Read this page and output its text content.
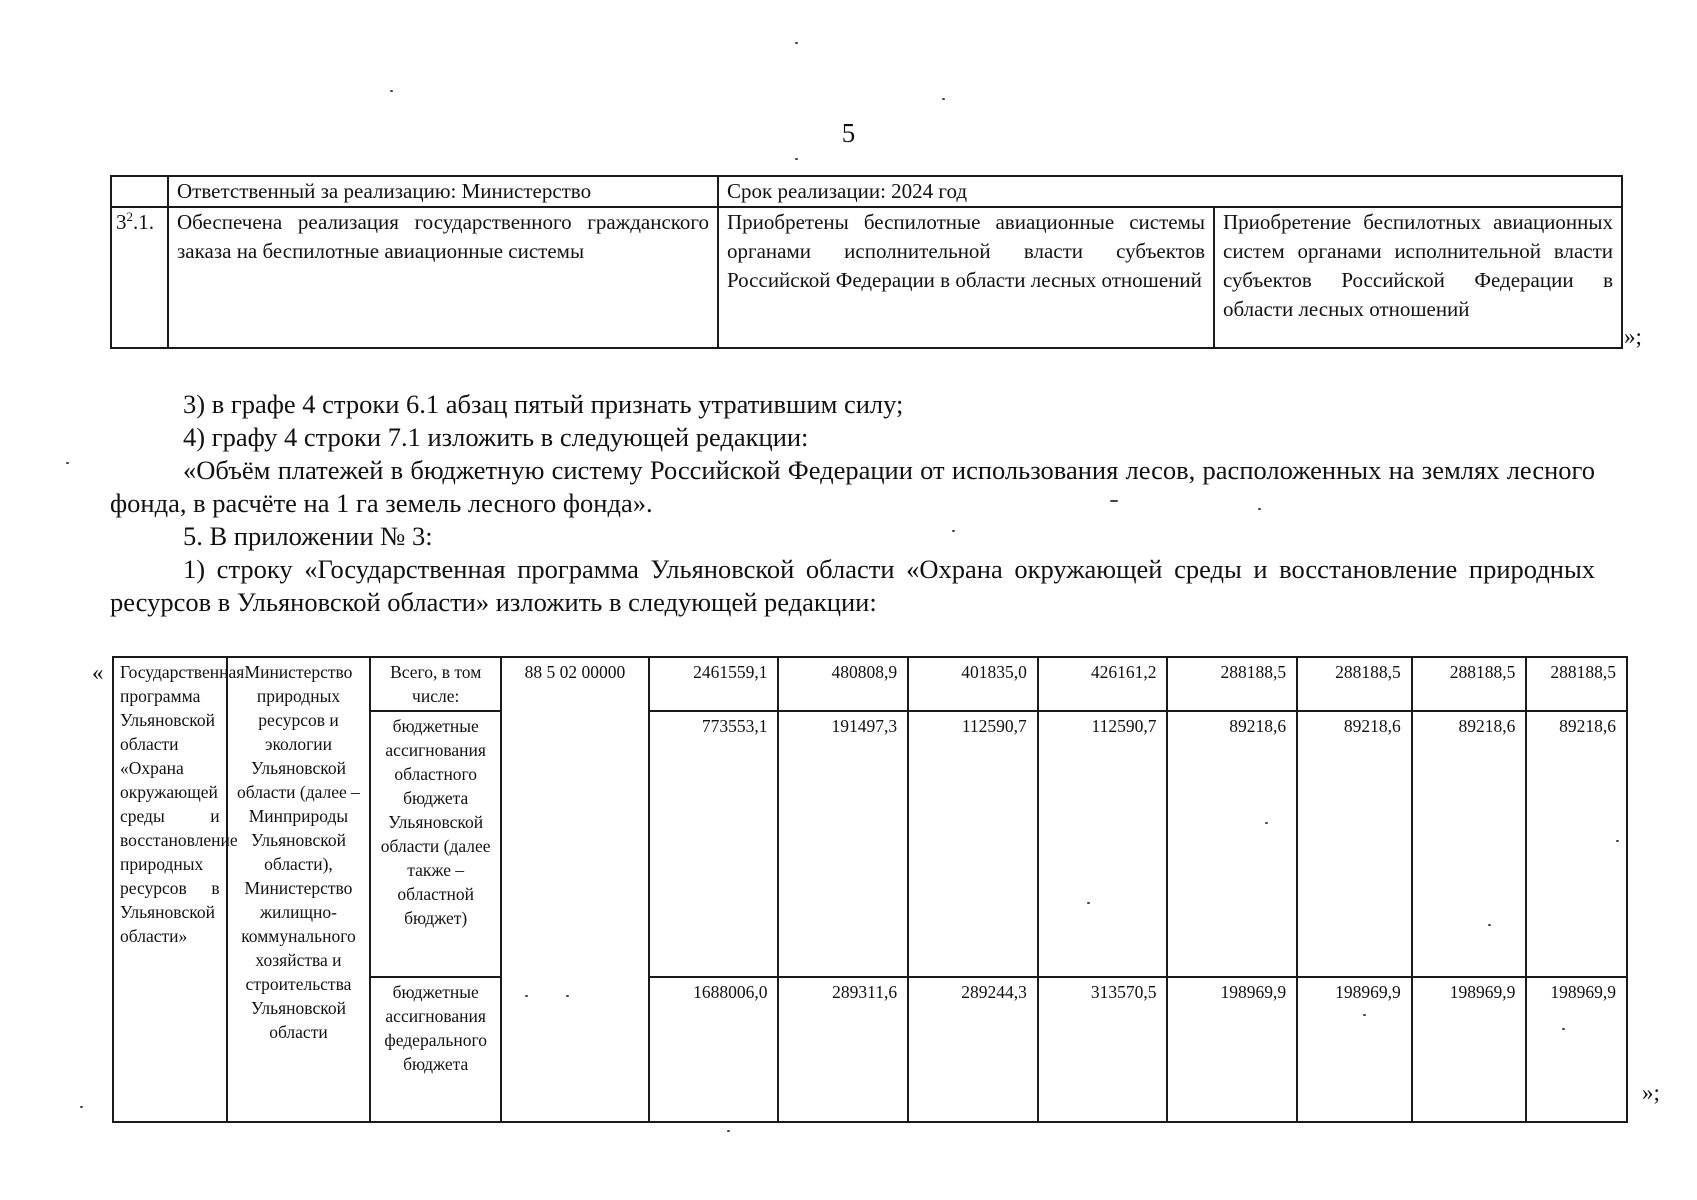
5
	Ответственный за реализацию: Министерство	Срок реализации: 2024 год	
$3^2.1$.	Обеспечена реализация государственного гражданского заказа на беспилотные авиационные системы	Приобретены беспилотные авиационные системы органами исполнительной власти субъектов Российской Федерации в области лесных отношений	Приобретение беспилотных авиационных систем органами исполнительной власти субъектов Российской Федерации в области лесных отношений
»;

3) в графе 4 строки 6.1 абзац пятый признать утратившим силу;

4) графу 4 строки 7.1 изложить в следующей редакции:

«Объём платежей в бюджетную систему Российской Федерации от использования лесов, расположенных на землях лесного фонда, в расчёте на 1 га земель лесного фонда».

5. В приложении № 3:

1) строку «Государственная программа Ульяновской области «Охрана окружающей среды и восстановление природных ресурсов в Ульяновской области» изложить в следующей редакции:

« Государственная программа Ульяновской области «Охрана окружающей среды и восстановление природных ресурсов в Ульяновской области»	Министерство природных ресурсов и экологии Ульяновской области (далее – Минприроды Ульяновской области), Министерство жилищно-коммунального хозяйства и строительства Ульяновской области	Всего, в том числе:	88 5 02 00000	2461559,1	480808,9	401835,0	426161,2	288188,5	288188,5	288188,5	288188,5
		бюджетные ассигнования областного бюджета Ульяновской области (далее также – областной бюджет)		773553,1	191497,3	112590,7	112590,7	89218,6	89218,6	89218,6	89218,6
		бюджетные ассигнования федерального бюджета		1688006,0	289311,6	289244,3	313570,5	198969,9	198969,9	198969,9	198969,9
»;
